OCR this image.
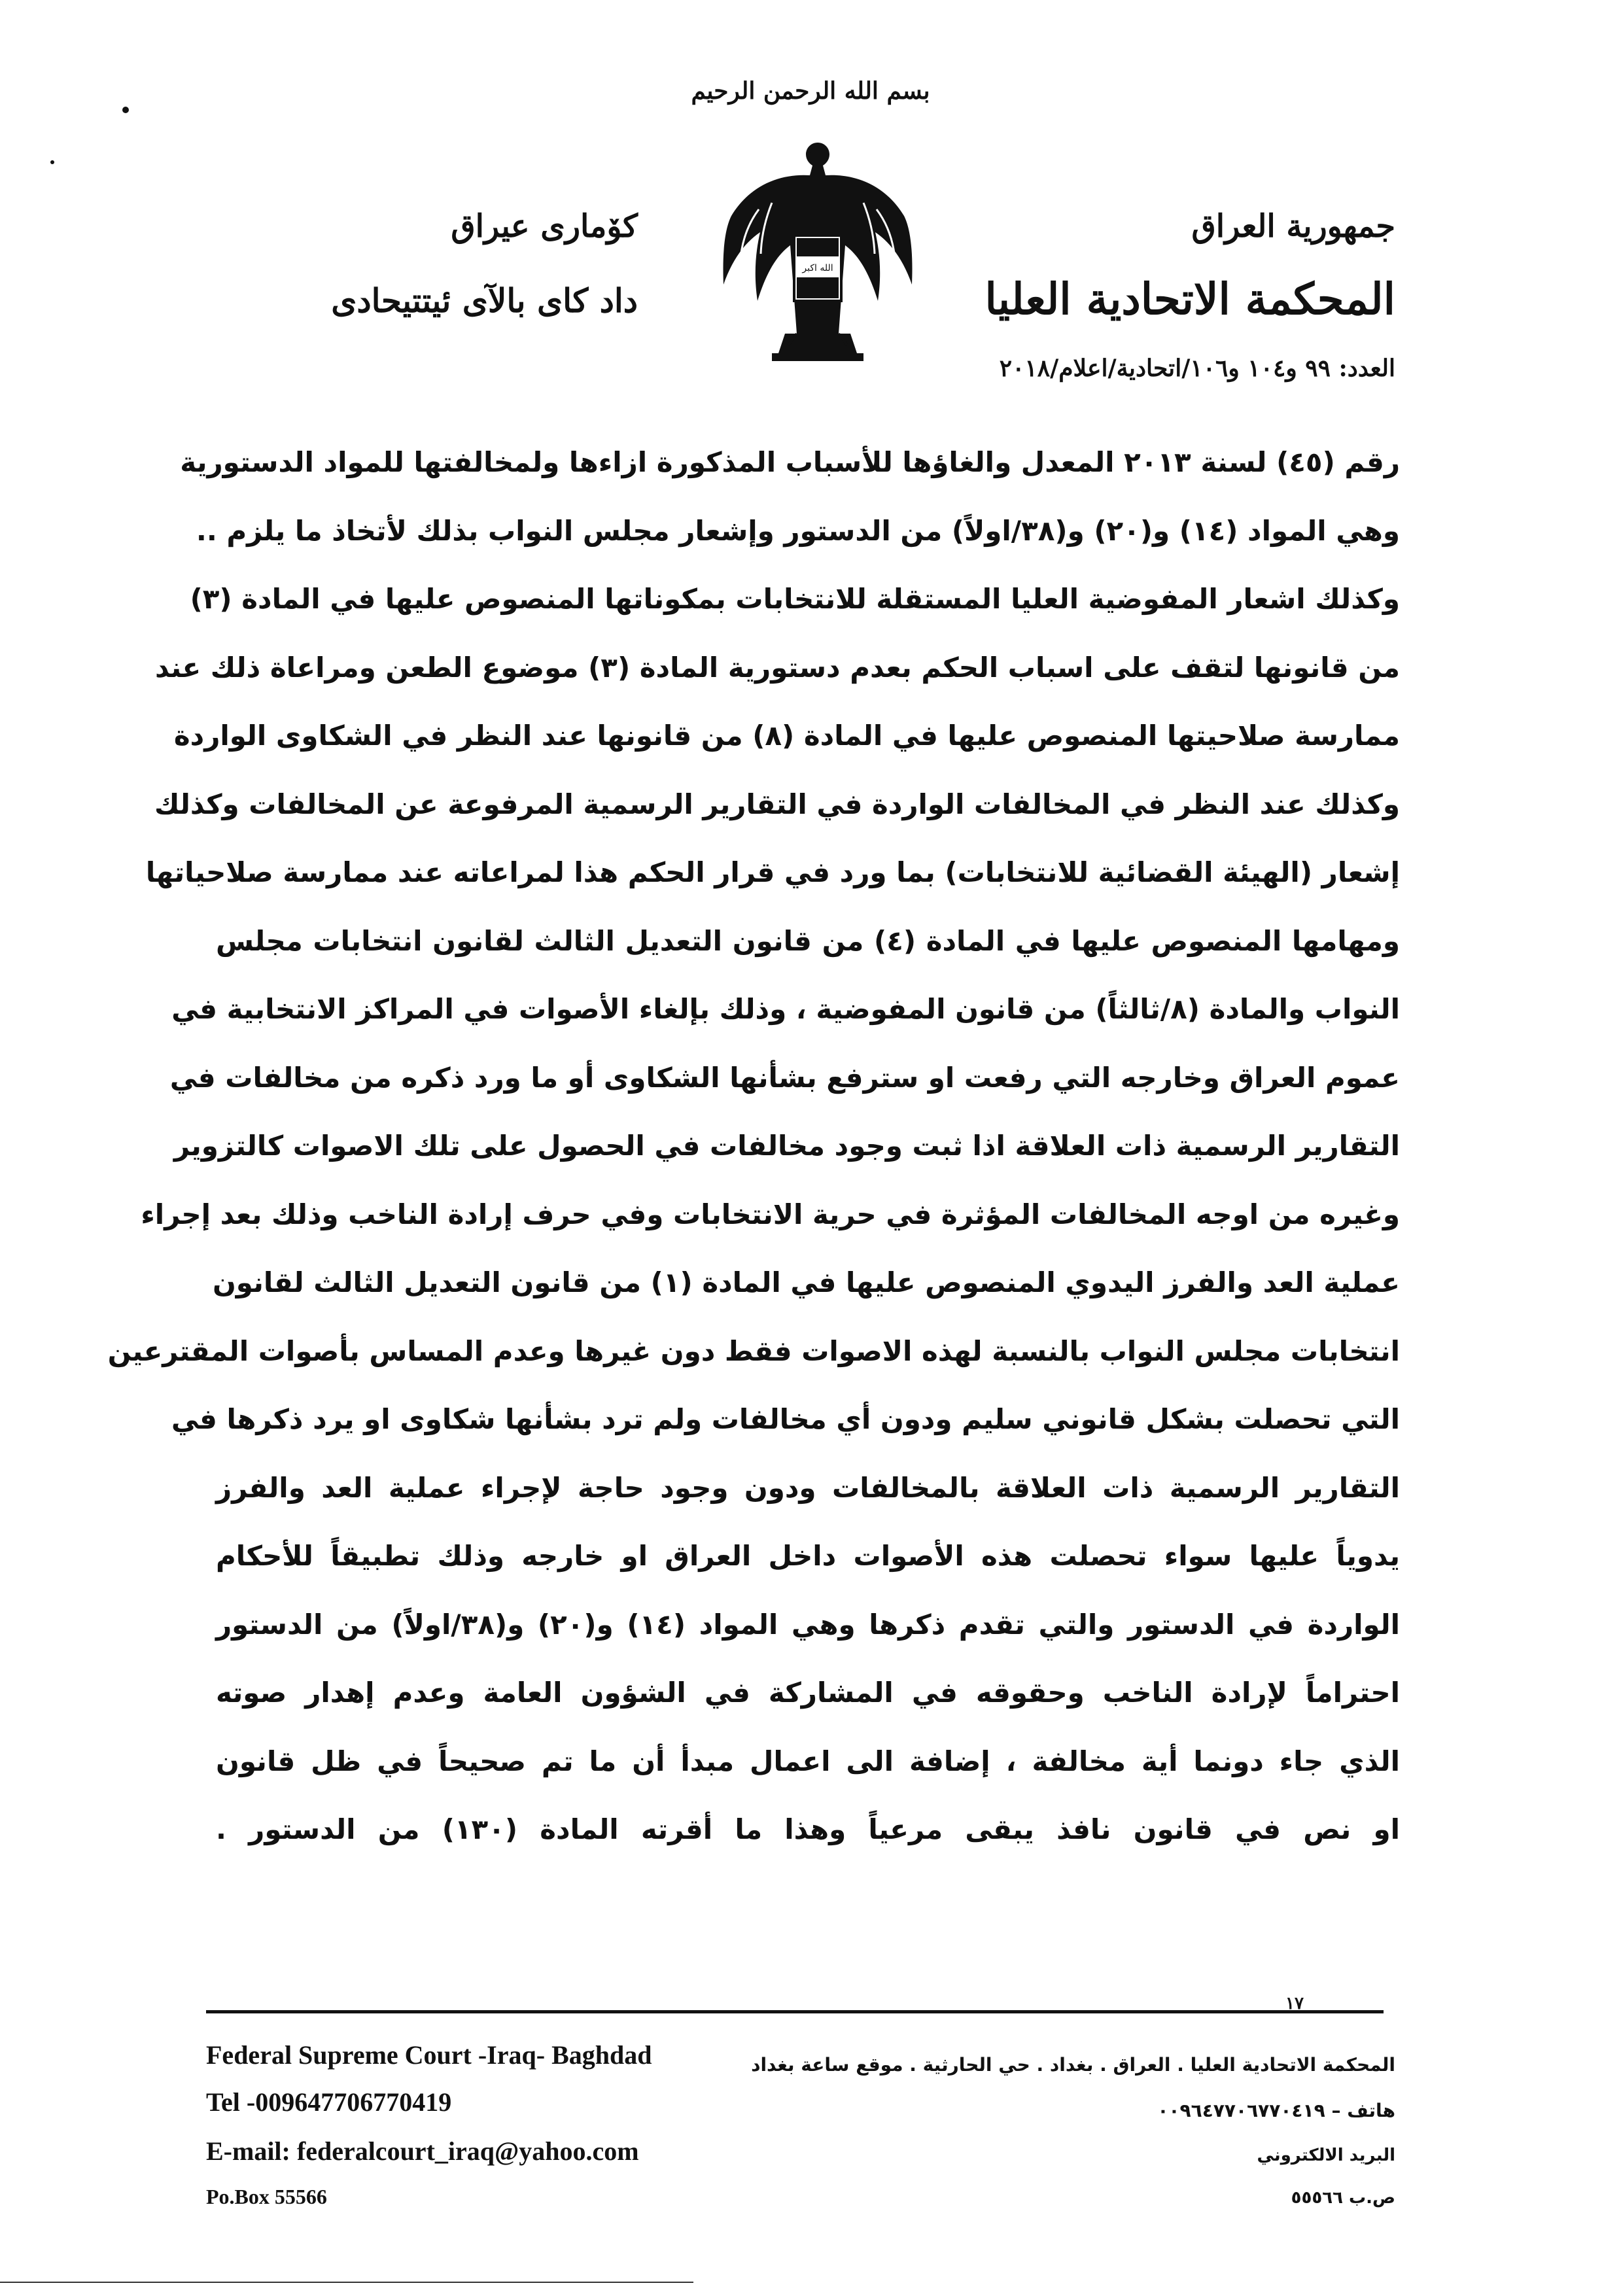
بسم الله الرحمن الرحيم
جمهورية العراق
المحكمة الاتحادية العليا
العدد: ٩٩ و١٠٤ و١٠٦/اتحادية/اعلام/٢٠١٨
كۆماری عیراق
داد كای بالآی ئیتتیحادی
الله اكبر
رقم (٤٥) لسنة ٢٠١٣ المعدل والغاؤها للأسباب المذكورة ازاءها ولمخالفتها للمواد الدستورية
وهي المواد (١٤) و(٢٠) و(٣٨/اولاً) من الدستور وإشعار مجلس النواب بذلك لأتخاذ ما يلزم ..
وكذلك اشعار المفوضية العليا المستقلة للانتخابات بمكوناتها المنصوص عليها في المادة (٣)
من قانونها لتقف على اسباب الحكم بعدم دستورية المادة (٣) موضوع الطعن ومراعاة ذلك عند
ممارسة صلاحيتها المنصوص عليها في المادة (٨) من قانونها عند النظر في الشكاوى الواردة
وكذلك عند النظر في المخالفات الواردة في التقارير الرسمية المرفوعة عن المخالفات وكذلك
إشعار (الهيئة القضائية للانتخابات) بما ورد في قرار الحكم هذا لمراعاته عند ممارسة صلاحياتها
ومهامها المنصوص عليها في المادة (٤) من قانون التعديل الثالث لقانون انتخابات مجلس
النواب والمادة (٨/ثالثاً) من قانون المفوضية ، وذلك بإلغاء الأصوات في المراكز الانتخابية في
عموم العراق وخارجه التي رفعت او سترفع بشأنها الشكاوى أو ما ورد ذكره من مخالفات في
التقارير الرسمية ذات العلاقة اذا ثبت وجود مخالفات في الحصول على تلك الاصوات كالتزوير
وغيره من اوجه المخالفات المؤثرة في حرية الانتخابات وفي حرف إرادة الناخب وذلك بعد إجراء
عملية العد والفرز اليدوي المنصوص عليها في المادة (١) من قانون التعديل الثالث لقانون
انتخابات مجلس النواب بالنسبة لهذه الاصوات فقط دون غيرها وعدم المساس بأصوات المقترعين
التي تحصلت بشكل قانوني سليم ودون أي مخالفات ولم ترد بشأنها شكاوى او يرد ذكرها في
التقارير الرسمية ذات العلاقة بالمخالفات ودون وجود حاجة لإجراء عملية العد والفرز
يدوياً عليها سواء تحصلت هذه الأصوات داخل العراق او خارجه وذلك تطبيقاً للأحكام
الواردة في الدستور والتي تقدم ذكرها وهي المواد (١٤) و(٢٠) و(٣٨/اولاً) من الدستور
احتراماً لإرادة الناخب وحقوقه في المشاركة في الشؤون العامة وعدم إهدار صوته
الذي جاء دونما أية مخالفة ، إضافة الى اعمال مبدأ أن ما تم صحيحاً في ظل قانون
او نص في قانون نافذ يبقى مرعياً وهذا ما أقرته المادة (١٣٠) من الدستور .
١٧
Federal Supreme Court -Iraq- Baghdad
Tel -009647706770419
E-mail: federalcourt_iraq@yahoo.com
Po.Box 55566
المحكمة الاتحادية العليا . العراق . بغداد . حي الحارثية . موقع ساعة بغداد
هاتف – ٠٠٩٦٤٧٧٠٦٧٧٠٤١٩
البريد الالكتروني
ص.ب ٥٥٥٦٦
